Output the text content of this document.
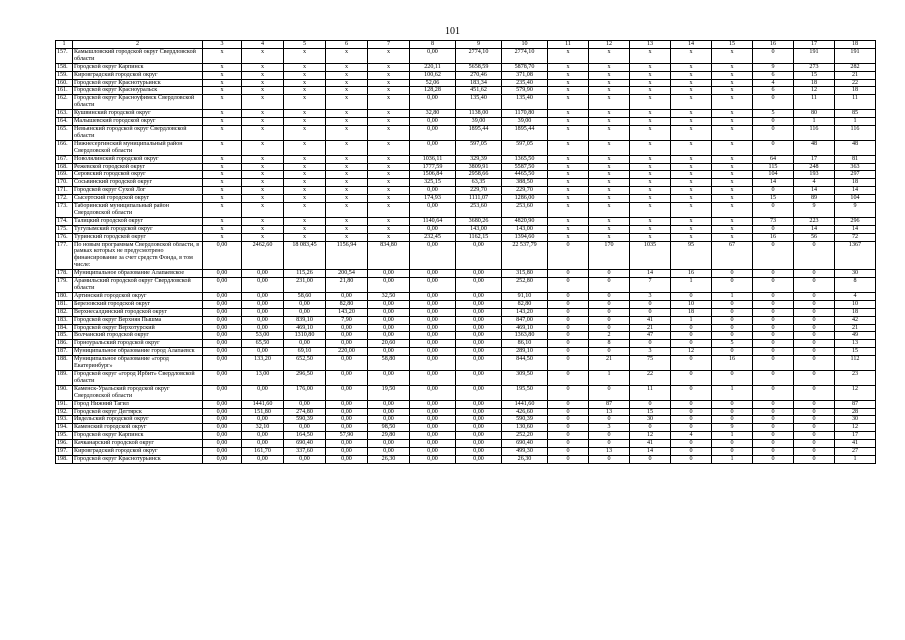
101
1	2	3	4	5	6	7	8	9	10	11	12	13	14	15	16	17	18
157.	Камышловский городской округ Свердловской области	x	x	x	x	x	0,00	2774,10	2774,10	x	x	x	x	x	0	191	191
158.	Городской округ Карпинск	x	x	x	x	x	220,11	5658,59	5878,70	x	x	x	x	x	9	273	282
159.	Кировградский городской округ	x	x	x	x	x	100,62	270,46	371,08	x	x	x	x	x	6	15	21
160.	Городской округ Краснотурьинск	x	x	x	x	x	52,06	183,34	235,40	x	x	x	x	x	4	18	22
161.	Городской округ Красноуральск	x	x	x	x	x	128,28	451,62	579,90	x	x	x	x	x	6	12	18
162.	Городской округ Красноуфимск Свердловской области	x	x	x	x	x	0,00	135,40	135,40	x	x	x	x	x	0	11	11
163.	Кушвинский городской округ	x	x	x	x	x	32,80	1138,00	1170,80	x	x	x	x	x	5	80	85
164.	Малышевский городской округ	x	x	x	x	x	0,00	39,00	39,00	x	x	x	x	x	0	1	1
165.	Невьянский городской округ Свердловской области	x	x	x	x	x	0,00	1895,44	1895,44	x	x	x	x	x	0	116	116
166.	Нижнесергинский муниципальный район Свердловской области	x	x	x	x	x	0,00	597,05	597,05	x	x	x	x	x	0	48	48
167.	Новолялинский городской округ	x	x	x	x	x	1036,11	329,39	1365,50	x	x	x	x	x	64	17	81
168.	Режевской городской округ	x	x	x	x	x	1777,59	3809,91	5587,50	x	x	x	x	x	115	248	363
169.	Серовский городской округ	x	x	x	x	x	1506,84	2958,66	4465,50	x	x	x	x	x	104	193	297
170.	Сосьвинский городской округ	x	x	x	x	x	325,15	63,35	388,50	x	x	x	x	x	14	4	18
171.	Городской округ Сухой Лог	x	x	x	x	x	0,00	229,70	229,70	x	x	x	x	x	0	14	14
172.	Сысертский городской округ	x	x	x	x	x	174,93	1111,07	1286,00	x	x	x	x	x	15	89	104
173.	Таборинский муниципальный район Свердловской области	x	x	x	x	x	0,00	253,60	253,60	x	x	x	x	x	0	9	9
174.	Талицкий городской округ	x	x	x	x	x	1140,64	3680,26	4820,90	x	x	x	x	x	73	223	296
175.	Тугулымский городской округ	x	x	x	x	x	0,00	143,00	143,00	x	x	x	x	x	0	14	14
176.	Туринский городской округ	x	x	x	x	x	232,45	1162,15	1394,60	x	x	x	x	x	16	56	72
177.	По новым программам Свердловской области, в рамках которых не предусмотрено финансирование за счет средств Фонда, в том числе:	0,00	2462,60	18 083,45	1156,94	834,80	0,00	0,00	22 537,79	0	170	1035	95	67	0	0	1367
178.	Муниципальное образование Алапаевское	0,00	0,00	115,26	200,54	0,00	0,00	0,00	315,80	0	0	14	16	0	0	0	30
179.	Арамильский городской округ Свердловской области	0,00	0,00	231,00	21,80	0,00	0,00	0,00	252,80	0	0	7	1	0	0	0	8
180.	Артинский городской округ	0,00	0,00	58,60	0,00	32,50	0,00	0,00	91,10	0	0	3	0	1	0	0	4
181.	Березовский городской округ	0,00	0,00	0,00	82,80	0,00	0,00	0,00	82,80	0	0	0	10	0	0	0	10
182.	Верхнесалдинский городской округ	0,00	0,00	0,00	143,20	0,00	0,00	0,00	143,20	0	0	0	18	0	0	0	18
183.	Городской округ Верхняя Пышма	0,00	0,00	839,10	7,90	0,00	0,00	0,00	847,00	0	0	41	1	0	0	0	42
184.	Городской округ Верхотурский	0,00	0,00	469,10	0,00	0,00	0,00	0,00	469,10	0	0	21	0	0	0	0	21
185.	Волчанский городской округ	0,00	53,00	1310,80	0,00	0,00	0,00	0,00	1363,80	0	2	47	0	0	0	0	49
186.	Горноуральский городской округ	0,00	65,50	0,00	0,00	20,60	0,00	0,00	86,10	0	8	0	0	5	0	0	13
187.	Муниципальное образование город Алапаевск	0,00	0,00	69,10	220,00	0,00	0,00	0,00	289,10	0	0	3	12	0	0	0	15
188.	Муниципальное образование «город Екатеринбург»	0,00	133,20	652,50	0,00	58,80	0,00	0,00	844,50	0	21	75	0	16	0	0	112
189.	Городской округ «город Ирбит» Свердловской области	0,00	13,00	296,50	0,00	0,00	0,00	0,00	309,50	0	1	22	0	0	0	0	23
190.	Каменск-Уральский городской округ Свердловской области	0,00	0,00	176,00	0,00	19,50	0,00	0,00	195,50	0	0	11	0	1	0	0	12
191.	Город Нижний Тагил	0,00	1441,60	0,00	0,00	0,00	0,00	0,00	1441,60	0	87	0	0	0	0	0	87
192.	Городской округ Дегтярск	0,00	151,80	274,80	0,00	0,00	0,00	0,00	426,60	0	13	15	0	0	0	0	28
193.	Ивдельский городской округ	0,00	0,00	590,39	0,00	0,00	0,00	0,00	590,39	0	0	30	0	0	0	0	30
194.	Каменский городской округ	0,00	32,10	0,00	0,00	98,50	0,00	0,00	130,60	0	3	0	0	9	0	0	12
195.	Городской округ Карпинск	0,00	0,00	164,50	57,90	29,80	0,00	0,00	252,20	0	0	12	4	1	0	0	17
196.	Качканарский городской округ	0,00	0,00	690,40	0,00	0,00	0,00	0,00	690,40	0	0	41	0	0	0	0	41
197.	Кировградский городской округ	0,00	161,70	337,60	0,00	0,00	0,00	0,00	499,30	0	13	14	0	0	0	0	27
198.	Городской округ Краснотурьинск	0,00	0,00	0,00	0,00	26,30	0,00	0,00	26,30	0	0	0	0	1	0	0	1
